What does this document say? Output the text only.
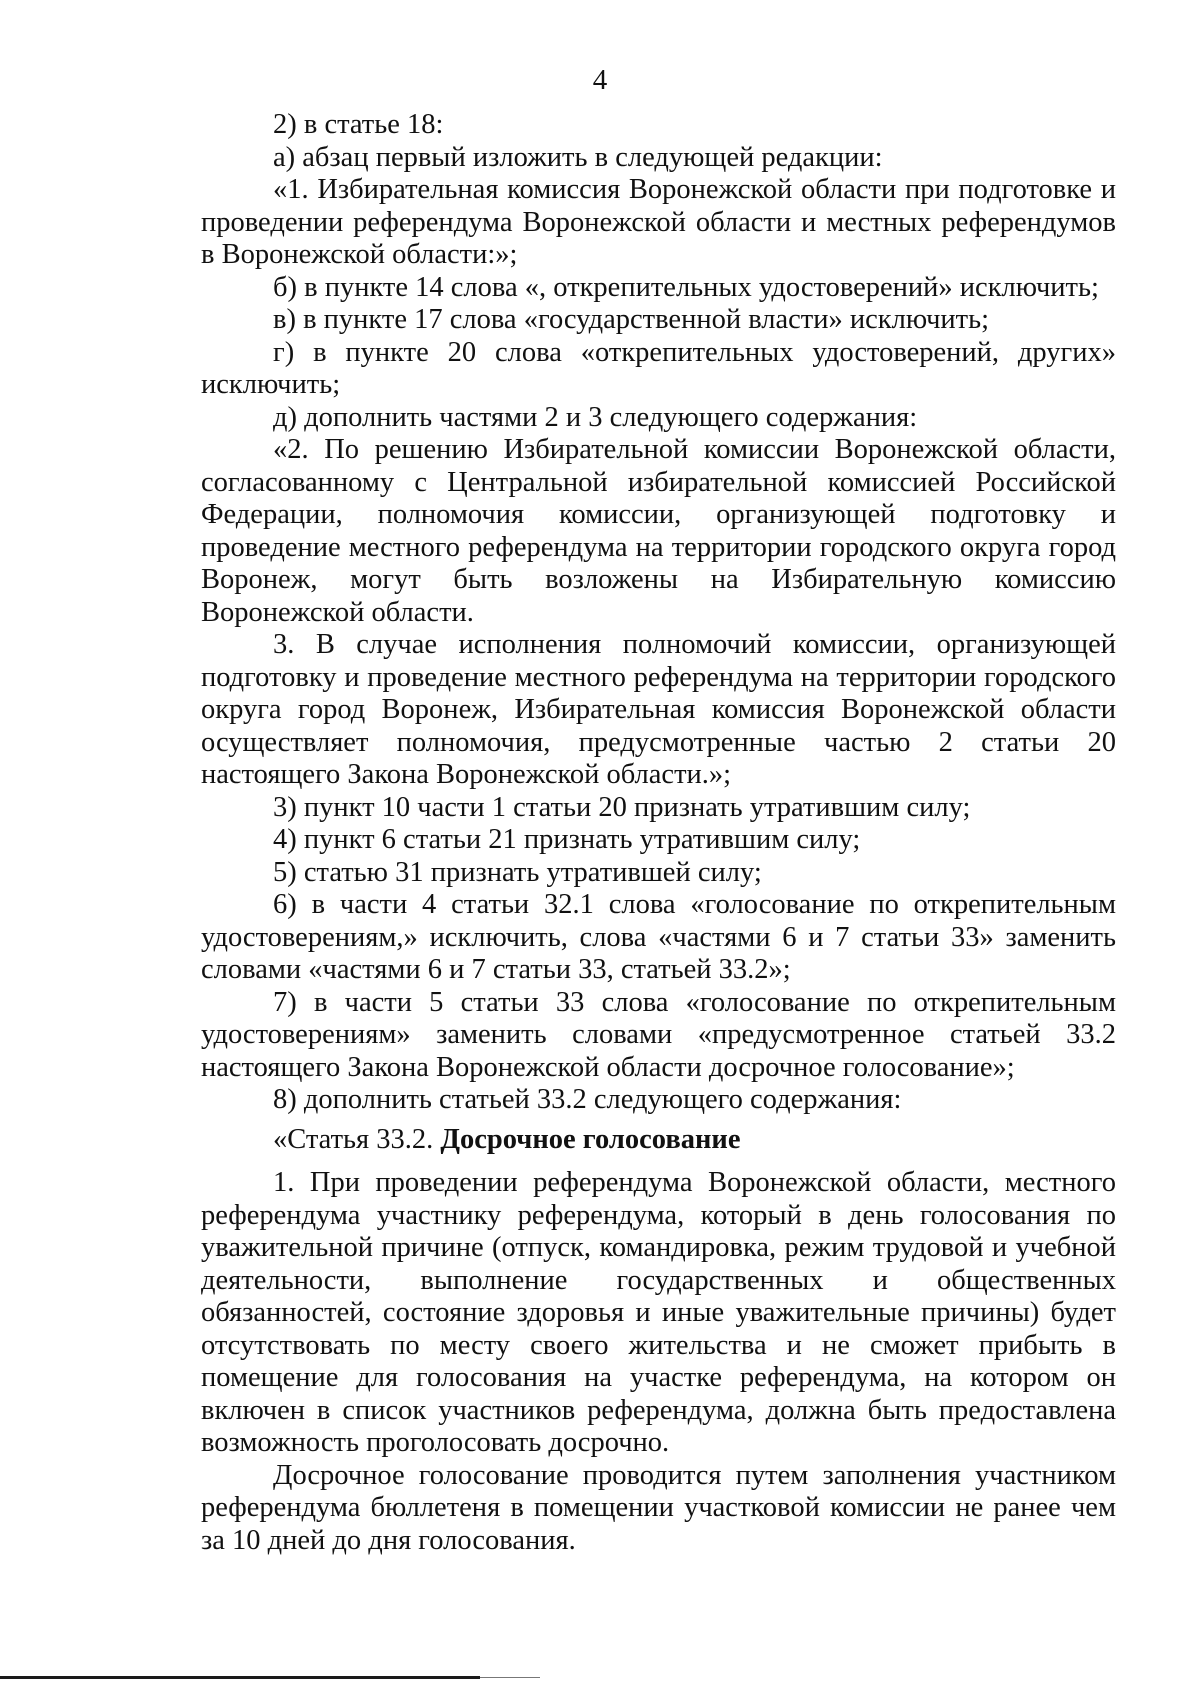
4

2) в статье 18:

а) абзац первый изложить в следующей редакции:

«1. Избирательная комиссия Воронежской области при подготовке и проведении референдума Воронежской области и местных референдумов в Воронежской области:»;

б) в пункте 14 слова «, открепительных удостоверений» исключить;

в) в пункте 17 слова «государственной власти» исключить;

г) в пункте 20 слова «открепительных удостоверений, других» исключить;

д) дополнить частями 2 и 3 следующего содержания:

«2. По решению Избирательной комиссии Воронежской области, согласованному с Центральной избирательной комиссией Российской Федерации, полномочия комиссии, организующей подготовку и проведение местного референдума на территории городского округа город Воронеж, могут быть возложены на Избирательную комиссию Воронежской области.

3. В случае исполнения полномочий комиссии, организующей подготовку и проведение местного референдума на территории городского округа город Воронеж, Избирательная комиссия Воронежской области осуществляет полномочия, предусмотренные частью 2 статьи 20 настоящего Закона Воронежской области.»;

3) пункт 10 части 1 статьи 20 признать утратившим силу;

4) пункт 6 статьи 21 признать утратившим силу;

5) статью 31 признать утратившей силу;

6) в части 4 статьи 32.1 слова «голосование по открепительным удостоверениям,» исключить, слова «частями 6 и 7 статьи 33» заменить словами «частями 6 и 7 статьи 33, статьей 33.2»;

7) в части 5 статьи 33 слова «голосование по открепительным удостоверениям» заменить словами «предусмотренное статьей 33.2 настоящего Закона Воронежской области досрочное голосование»;

8) дополнить статьей 33.2 следующего содержания:

«Статья 33.2. Досрочное голосование

1. При проведении референдума Воронежской области, местного референдума участнику референдума, который в день голосования по уважительной причине (отпуск, командировка, режим трудовой и учебной деятельности, выполнение государственных и общественных обязанностей, состояние здоровья и иные уважительные причины) будет отсутствовать по месту своего жительства и не сможет прибыть в помещение для голосования на участке референдума, на котором он включен в список участников референдума, должна быть предоставлена возможность проголосовать досрочно.

Досрочное голосование проводится путем заполнения участником референдума бюллетеня в помещении участковой комиссии не ранее чем за 10 дней до дня голосования.
